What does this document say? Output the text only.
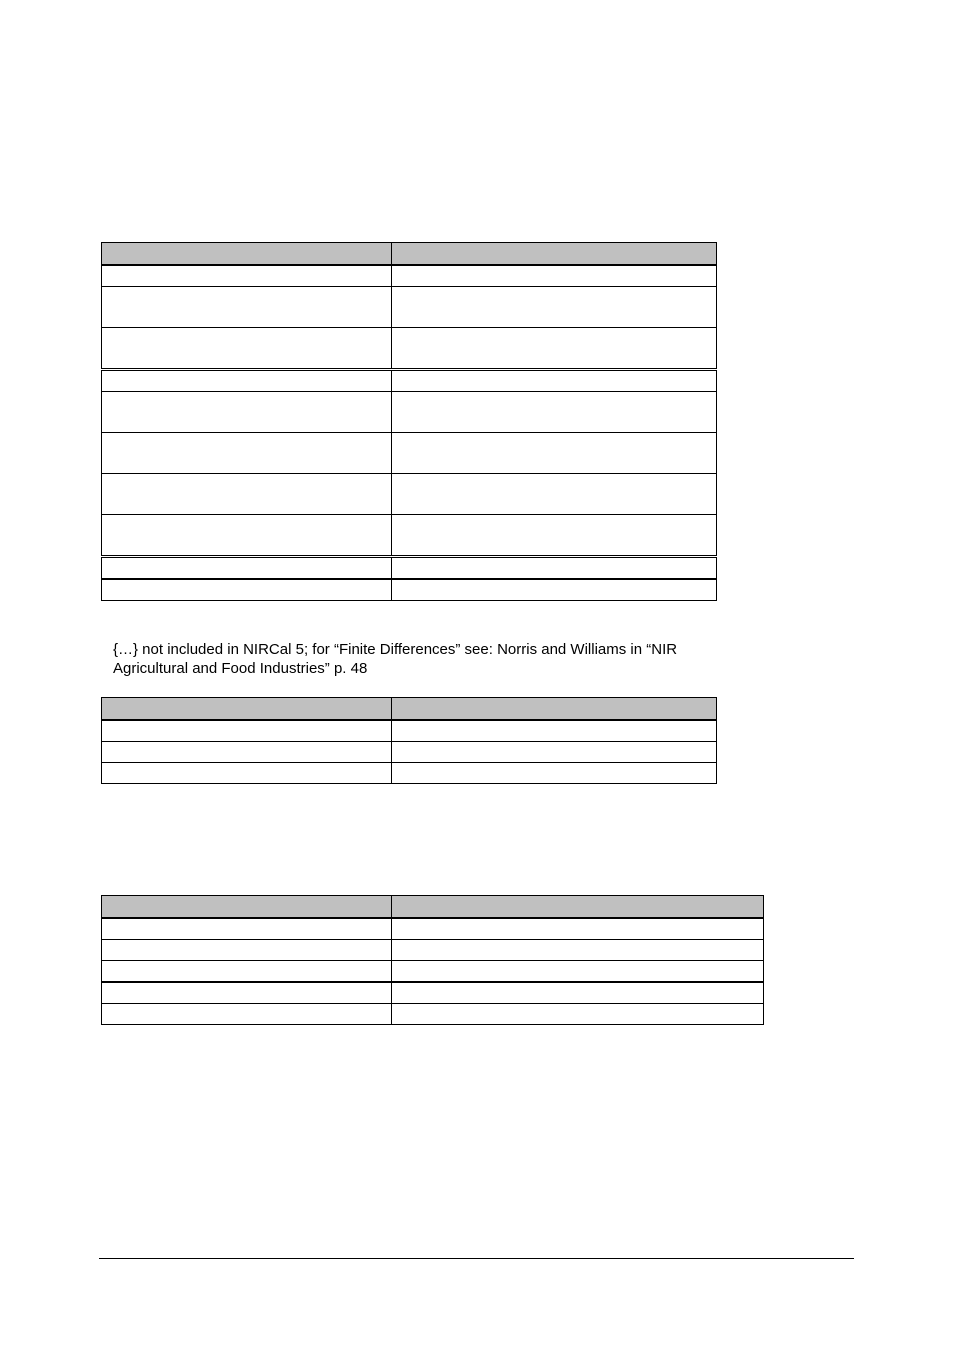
{…} not included in NIRCal 5; for “Finite Differences” see: Norris and Williams in “NIR Agricultural and Food Industries” p. 48
